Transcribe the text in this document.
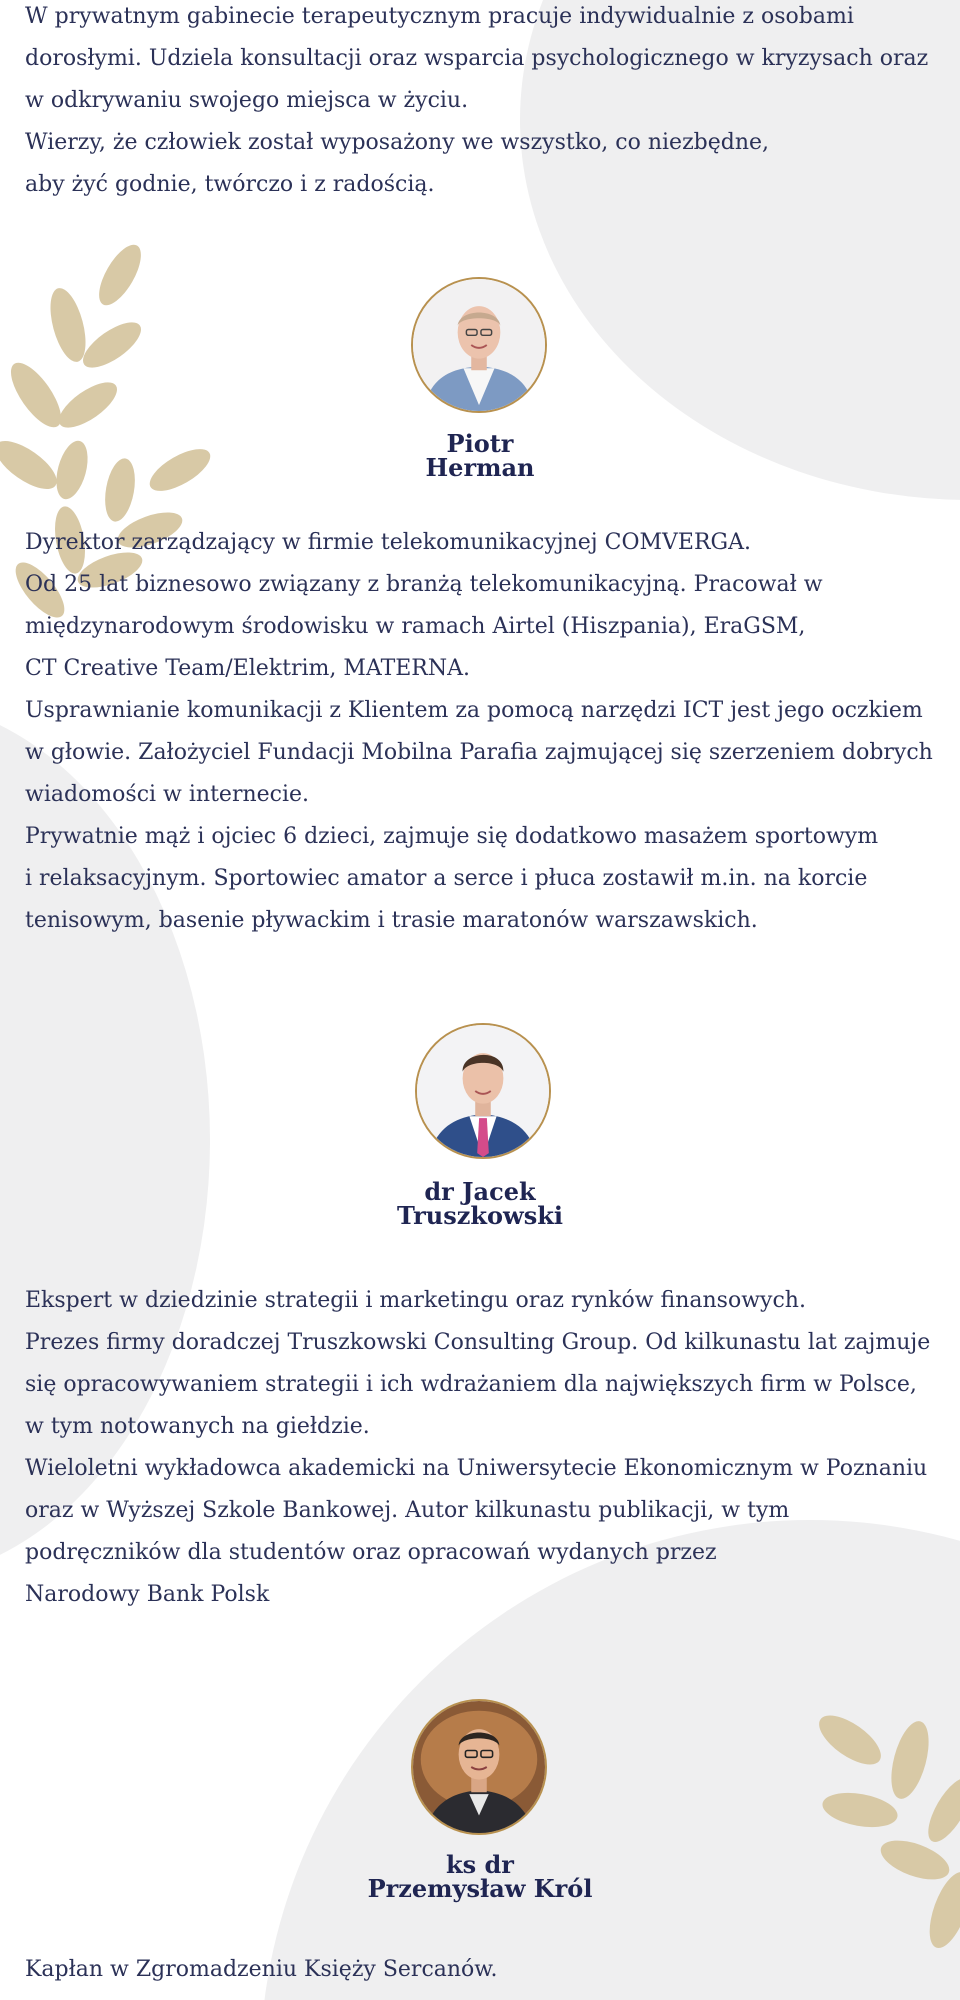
W prywatnym gabinecie terapeutycznym pracuje indywidualnie z osobami

dorosłymi. Udziela konsultacji oraz wsparcia psychologicznego w kryzysach oraz

w odkrywaniu swojego miejsca w życiu.

Wierzy, że człowiek został wyposażony we wszystko, co niezbędne,

aby żyć godnie, twórczo i z radością.

Piotr
Herman

Dyrektor zarządzający w firmie telekomunikacyjnej COMVERGA.

Od 25 lat biznesowo związany z branżą telekomunikacyjną. Pracował w

międzynarodowym środowisku w ramach Airtel (Hiszpania), EraGSM,

CT Creative Team/Elektrim, MATERNA.

Usprawnianie komunikacji z Klientem za pomocą narzędzi ICT jest jego oczkiem

w głowie. Założyciel Fundacji Mobilna Parafia zajmującej się szerzeniem dobrych

wiadomości w internecie.

Prywatnie mąż i ojciec 6 dzieci, zajmuje się dodatkowo masażem sportowym

i relaksacyjnym. Sportowiec amator a serce i płuca zostawił m.in. na korcie

tenisowym, basenie pływackim i trasie maratonów warszawskich.

dr Jacek
Truszkowski

Ekspert w dziedzinie strategii i marketingu oraz rynków finansowych.

Prezes firmy doradczej Truszkowski Consulting Group. Od kilkunastu lat zajmuje

się opracowywaniem strategii i ich wdrażaniem dla największych firm w Polsce,

w tym notowanych na giełdzie.

Wieloletni wykładowca akademicki na Uniwersytecie Ekonomicznym w Poznaniu

oraz w Wyższej Szkole Bankowej. Autor kilkunastu publikacji, w tym

podręczników dla studentów oraz opracowań wydanych przez

Narodowy Bank Polsk

ks dr
Przemysław Król

Kapłan w Zgromadzeniu Księży Sercanów.
